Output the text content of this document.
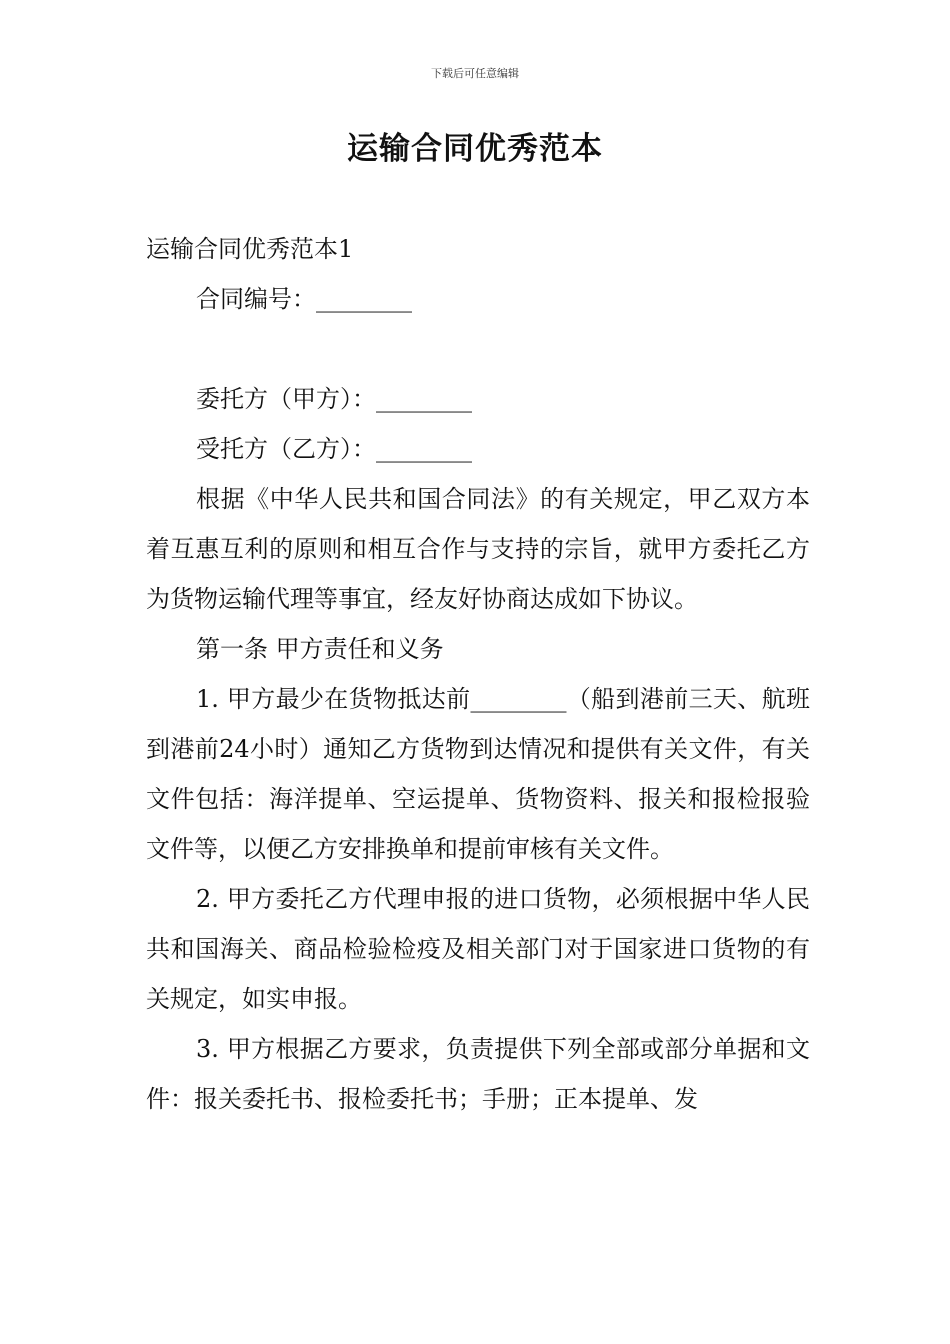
下载后可任意编辑
运输合同优秀范本

运输合同优秀范本1

合同编号：________

委托方（甲方）：________

受托方（乙方）：________

根据《中华人民共和国合同法》的有关规定，甲乙双方本着互惠互利的原则和相互合作与支持的宗旨，就甲方委托乙方为货物运输代理等事宜，经友好协商达成如下协议。

第一条 甲方责任和义务

1. 甲方最少在货物抵达前________（船到港前三天、航班到港前24小时）通知乙方货物到达情况和提供有关文件，有关文件包括：海洋提单、空运提单、货物资料、报关和报检报验文件等，以便乙方安排换单和提前审核有关文件。

2. 甲方委托乙方代理申报的进口货物，必须根据中华人民共和国海关、商品检验检疫及相关部门对于国家进口货物的有关规定，如实申报。

3. 甲方根据乙方要求，负责提供下列全部或部分单据和文件：报关委托书、报检委托书；手册；正本提单、发
